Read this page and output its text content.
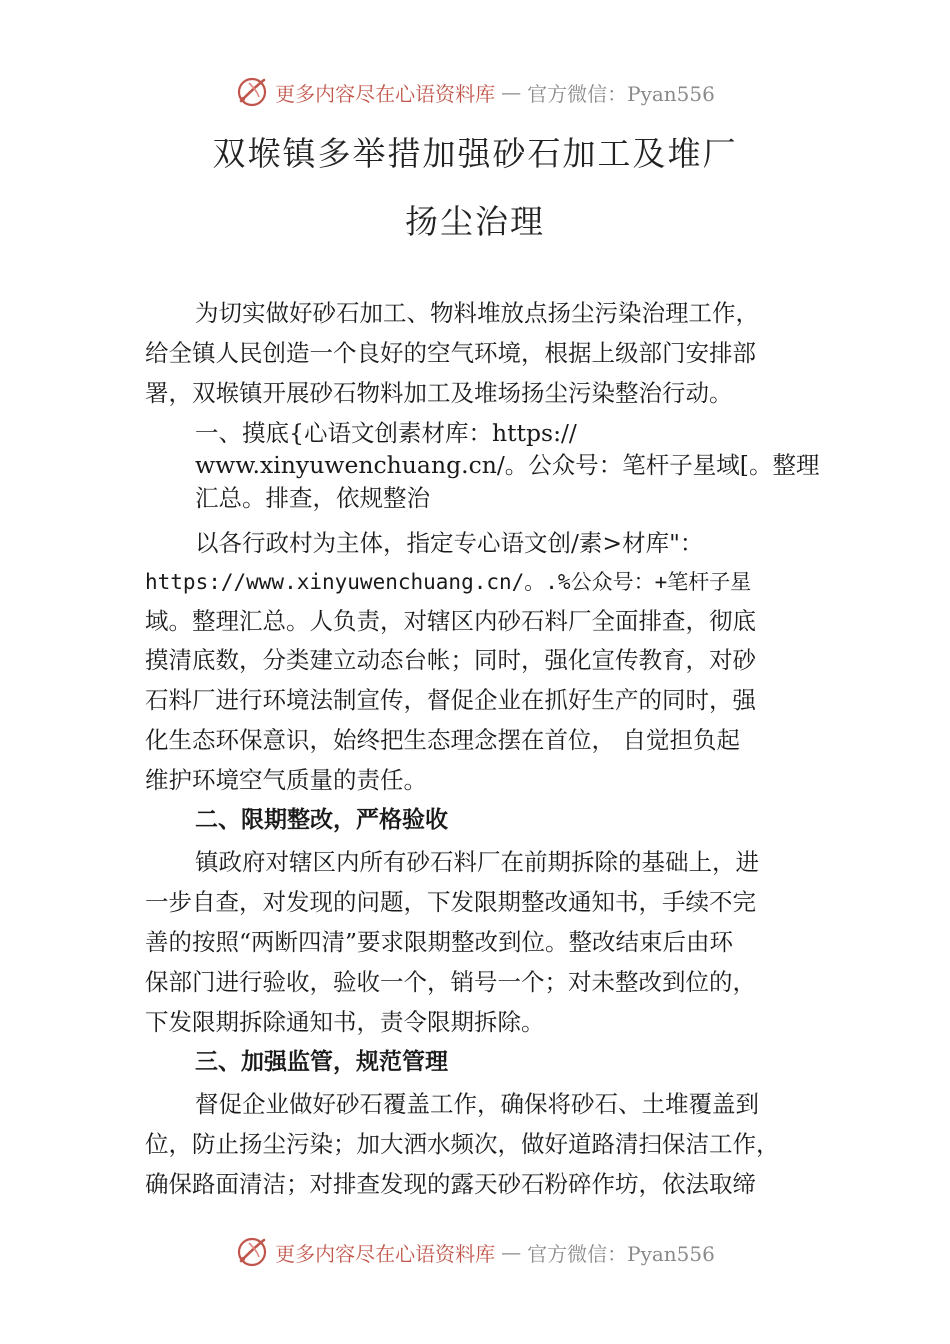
更多内容尽在心语资料库 — 官方微信：Pyan556
双堠镇多举措加强砂石加工及堆厂
扬尘治理
为切实做好砂石加工、物料堆放点扬尘污染治理工作，
给全镇人民创造一个良好的空气环境，根据上级部门安排部
署，双堠镇开展砂石物料加工及堆场扬尘污染整治行动。
一、摸底{心语文创素材库：https://
www.xinyuwenchuang.cn/。公众号：笔杆子星域[。整理
汇总。排查，依规整治
以各行政村为主体，指定专心语文创/素>材库"：
https://www.xinyuwenchuang.cn/。.%公众号：+笔杆子星
域。整理汇总。人负责，对辖区内砂石料厂全面排查，彻底
摸清底数，分类建立动态台帐；同时，强化宣传教育，对砂
石料厂进行环境法制宣传，督促企业在抓好生产的同时，强
化生态环保意识，始终把生态理念摆在首位， 自觉担负起
维护环境空气质量的责任。
二、限期整改，严格验收
镇政府对辖区内所有砂石料厂在前期拆除的基础上，进
一步自查，对发现的问题，下发限期整改通知书，手续不完
善的按照“两断四清”要求限期整改到位。整改结束后由环
保部门进行验收，验收一个，销号一个；对未整改到位的，
下发限期拆除通知书，责令限期拆除。
三、加强监管，规范管理
督促企业做好砂石覆盖工作，确保将砂石、土堆覆盖到
位，防止扬尘污染；加大洒水频次，做好道路清扫保洁工作，
确保路面清洁；对排查发现的露天砂石粉碎作坊，依法取缔
更多内容尽在心语资料库 — 官方微信：Pyan556
